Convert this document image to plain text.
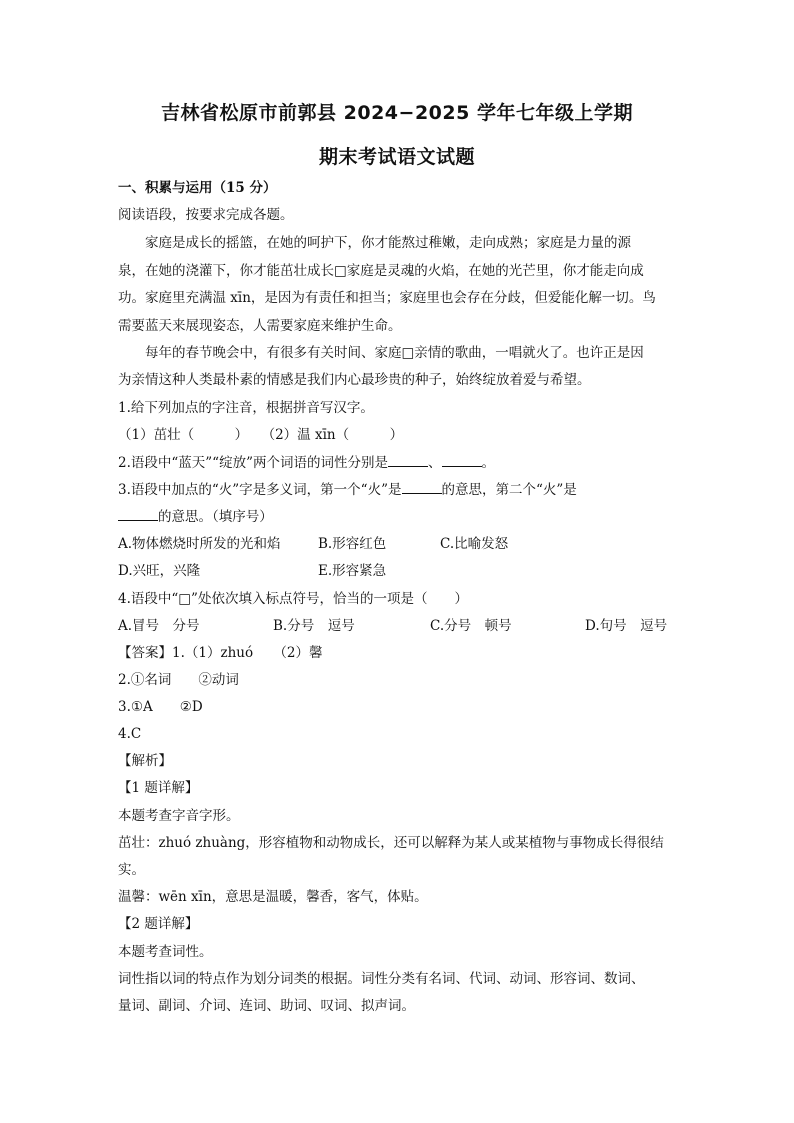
吉林省松原市前郭县 2024−2025 学年七年级上学期
期末考试语文试题
一、积累与运用（15 分）
阅读语段，按要求完成各题。
家庭是成长的摇篮，在她的呵护下，你才能熬过稚嫩，走向成熟；家庭是力量的源
泉，在她的浇灌下，你才能茁壮成长□家庭是灵魂的火焰，在她的光芒里，你才能走向成
功。家庭里充满温 xīn，是因为有责任和担当；家庭里也会存在分歧，但爱能化解一切。鸟
需要蓝天来展现姿态，人需要家庭来维护生命。
每年的春节晚会中，有很多有关时间、家庭□亲情的歌曲，一唱就火了。也许正是因
为亲情这种人类最朴素的情感是我们内心最珍贵的种子，始终绽放着爱与希望。
1.给下列加点的字注音，根据拼音写汉字。
（1）茁壮（　　　）　　（2）温 xīn（　　　）
2.语段中“蓝天”“绽放”两个词语的词性分别是	、	。
3.语段中加点的“火”字是多义词，第一个“火”是	的意思，第二个“火”是
的意思。（填序号）
A.物体燃烧时所发的光和焰	B.形容红色	C.比喻发怒
D.兴旺，兴隆	E.形容紧急
4.语段中“□”处依次填入标点符号，恰当的一项是（　　）
A.冒号　分号	B.分号　逗号	C.分号　顿号	D.句号　逗号
【答案】1.（1）zhuó　　（2）馨
2.①名词　　②动词
3.①A　　②D
4.C
【解析】
【1 题详解】
本题考查字音字形。
茁壮：zhuó zhuàng，形容植物和动物成长，还可以解释为某人或某植物与事物成长得很结
实。
温馨：wēn xīn，意思是温暖，馨香，客气，体贴。
【2 题详解】
本题考查词性。
词性指以词的特点作为划分词类的根据。词性分类有名词、代词、动词、形容词、数词、
量词、副词、介词、连词、助词、叹词、拟声词。
